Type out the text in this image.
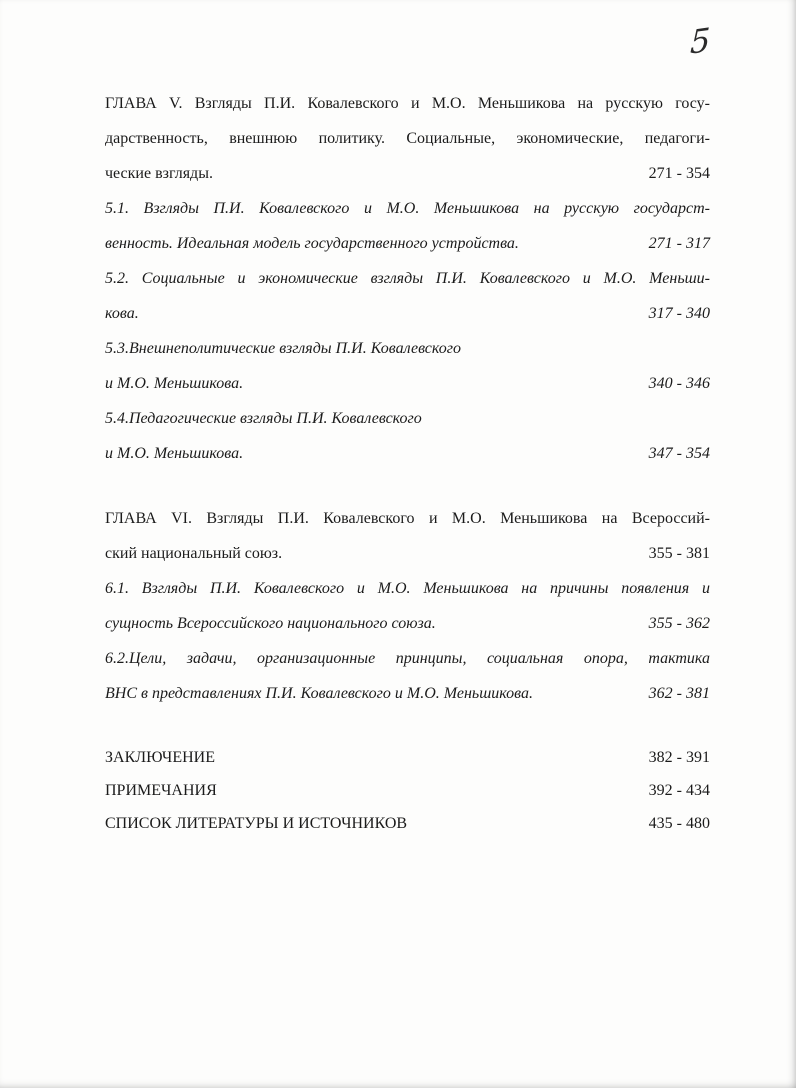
5
ГЛАВА V. Взгляды П.И. Ковалевского и М.О. Меньшикова на русскую госу-
дарственность, внешнюю политику. Социальные, экономические, педагоги-
ческие взгляды.	271 - 354
5.1. Взгляды П.И. Ковалевского и М.О. Меньшикова на русскую государст-
венность. Идеальная модель государственного устройства.	271 - 317
5.2. Социальные и экономические взгляды П.И. Ковалевского и М.О. Меньши-
кова.	317 - 340
5.3.Внешнеполитические взгляды П.И. Ковалевского
и М.О. Меньшикова.	340 - 346
5.4.Педагогические взгляды П.И. Ковалевского
и М.О. Меньшикова.	347 - 354
ГЛАВА VI. Взгляды П.И. Ковалевского и М.О. Меньшикова на Всероссий-
ский национальный союз.	355 - 381
6.1. Взгляды П.И. Ковалевского и М.О. Меньшикова на причины появления и
сущность Всероссийского национального союза.	355 - 362
6.2.Цели, задачи, организационные принципы, социальная опора, тактика
ВНС в представлениях П.И. Ковалевского и М.О. Меньшикова.	362 - 381
ЗАКЛЮЧЕНИЕ	382 - 391
ПРИМЕЧАНИЯ	392 - 434
СПИСОК ЛИТЕРАТУРЫ И ИСТОЧНИКОВ	435 - 480
